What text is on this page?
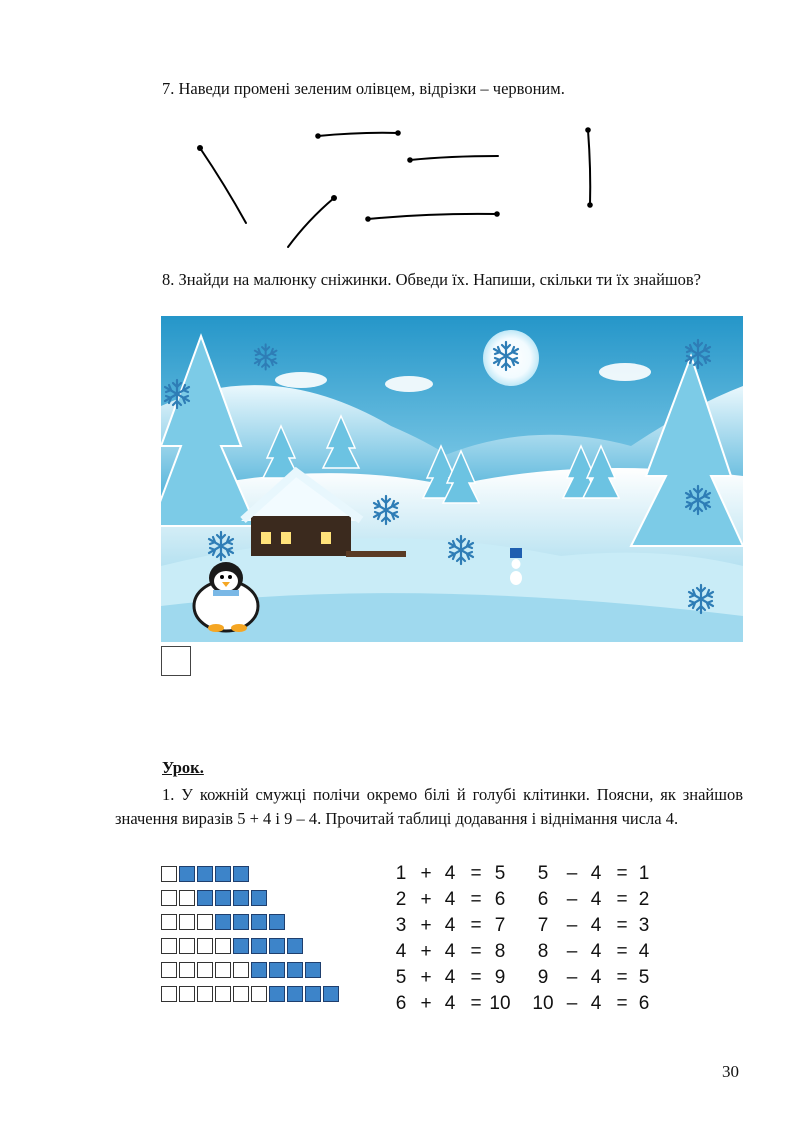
7. Наведи промені зеленим олівцем, відрізки – червоним.
8. Знайди на малюнку сніжинки. Обведи їх. Напиши, скільки ти їх знайшов?
Урок.
1. У кожній смужці полічи окремо білі й голубі клітинки. Поясни, як знайшов значення виразів 5 + 4 і 9 – 4. Прочитай таблиці додавання і віднімання числа 4.
1 + 4 = 5
2 + 4 = 6
3 + 4 = 7
4 + 4 = 8
5 + 4 = 9
6 + 4 = 10
5 – 4 = 1
6 – 4 = 2
7 – 4 = 3
8 – 4 = 4
9 – 4 = 5
10 – 4 = 6
30
